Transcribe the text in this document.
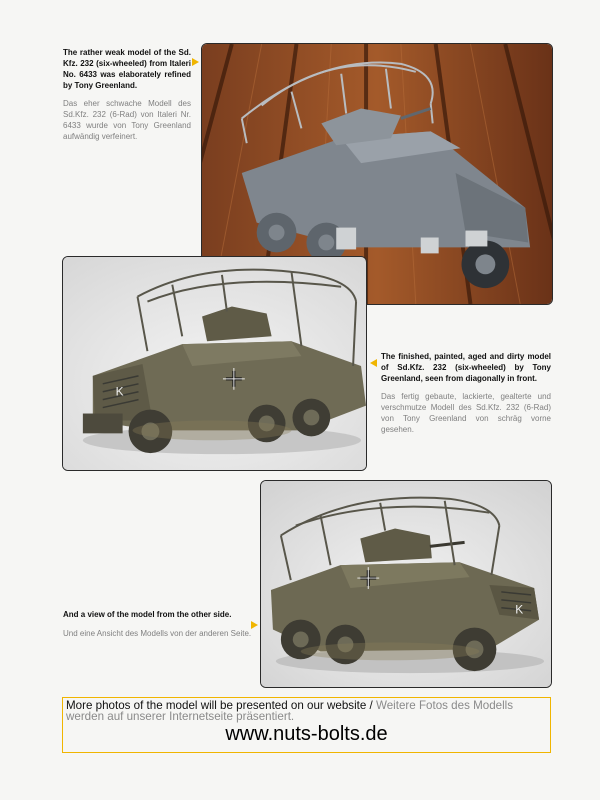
The rather weak model of the Sd. Kfz. 232 (six-wheeled) from Italeri No. 6433 was elaborately refined by Tony Greenland.

Das eher schwache Modell des Sd.Kfz. 232 (6-Rad) von Italeri Nr. 6433 wurde von Tony Greenland aufwändig verfeinert.

K

The finished, painted, aged and dirty model of Sd.Kfz. 232 (six-wheeled) by Tony Greenland, seen from diagonally in front.

Das fertig gebaute, lackierte, gealterte und verschmutze Modell des Sd.Kfz. 232 (6-Rad) von Tony Greenland von schräg vorne gesehen.

And a view of the model from the other side.

Und eine Ansicht des Modells von der anderen Seite.

K
More photos of the model will be presented on our website / Weitere Fotos des Modells werden auf unserer Internetseite präsentiert.
www.nuts-bolts.de
